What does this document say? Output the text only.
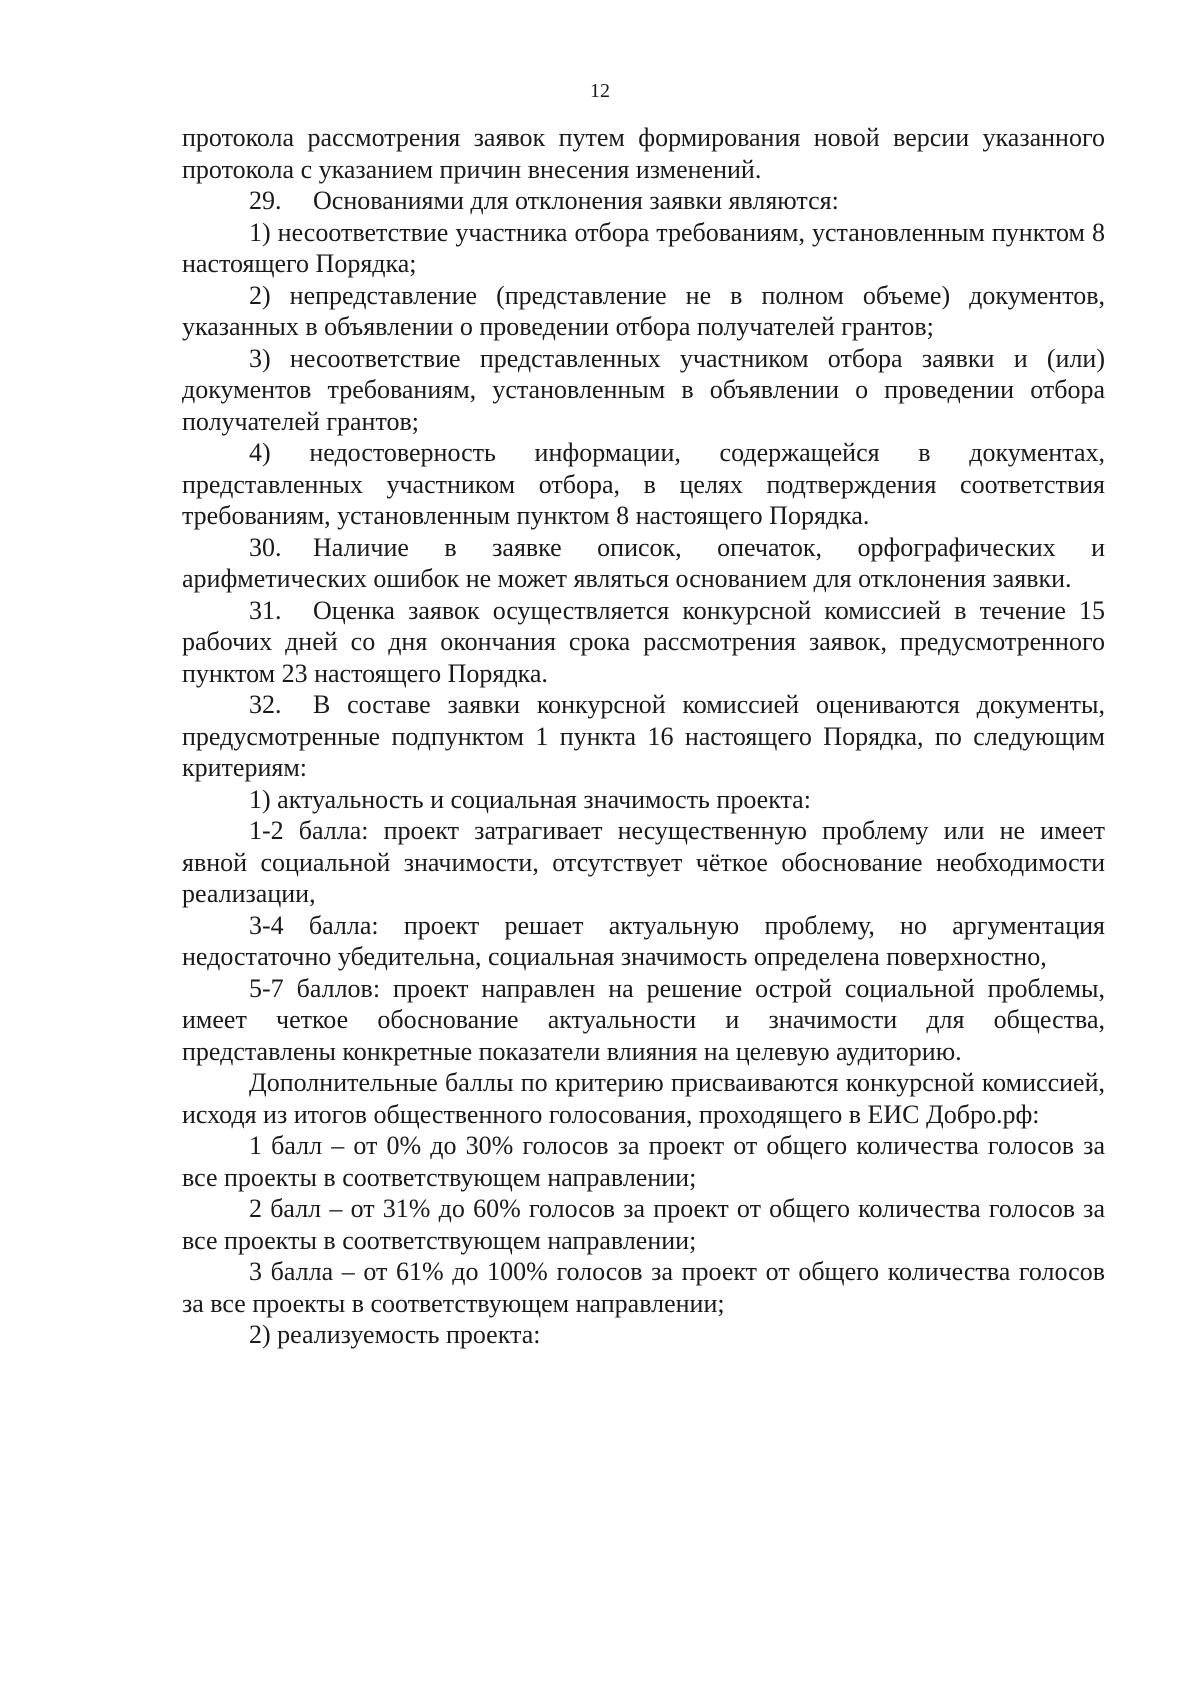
12

протокола рассмотрения заявок путем формирования новой версии указанного протокола с указанием причин внесения изменений.

29. Основаниями для отклонения заявки являются:

1) несоответствие участника отбора требованиям, установленным пунктом 8 настоящего Порядка;

2) непредставление (представление не в полном объеме) документов, указанных в объявлении о проведении отбора получателей грантов;

3) несоответствие представленных участником отбора заявки и (или) документов требованиям, установленным в объявлении о проведении отбора получателей грантов;

4) недостоверность информации, содержащейся в документах, представленных участником отбора, в целях подтверждения соответствия требованиям, установленным пунктом 8 настоящего Порядка.

30. Наличие в заявке описок, опечаток, орфографических и арифметических ошибок не может являться основанием для отклонения заявки.

31. Оценка заявок осуществляется конкурсной комиссией в течение 15 рабочих дней со дня окончания срока рассмотрения заявок, предусмотренного пунктом 23 настоящего Порядка.

32. В составе заявки конкурсной комиссией оцениваются документы, предусмотренные подпунктом 1 пункта 16 настоящего Порядка, по следующим критериям:

1) актуальность и социальная значимость проекта:

1-2 балла: проект затрагивает несущественную проблему или не имеет явной социальной значимости, отсутствует чёткое обоснование необходимости реализации,

3-4 балла: проект решает актуальную проблему, но аргументация недостаточно убедительна, социальная значимость определена поверхностно,

5-7 баллов: проект направлен на решение острой социальной проблемы, имеет четкое обоснование актуальности и значимости для общества, представлены конкретные показатели влияния на целевую аудиторию.

Дополнительные баллы по критерию присваиваются конкурсной комиссией, исходя из итогов общественного голосования, проходящего в ЕИС Добро.рф:

1 балл – от 0% до 30% голосов за проект от общего количества голосов за все проекты в соответствующем направлении;

2 балл – от 31% до 60% голосов за проект от общего количества голосов за все проекты в соответствующем направлении;

3 балла – от 61% до 100% голосов за проект от общего количества голосов за все проекты в соответствующем направлении;

2) реализуемость проекта:
